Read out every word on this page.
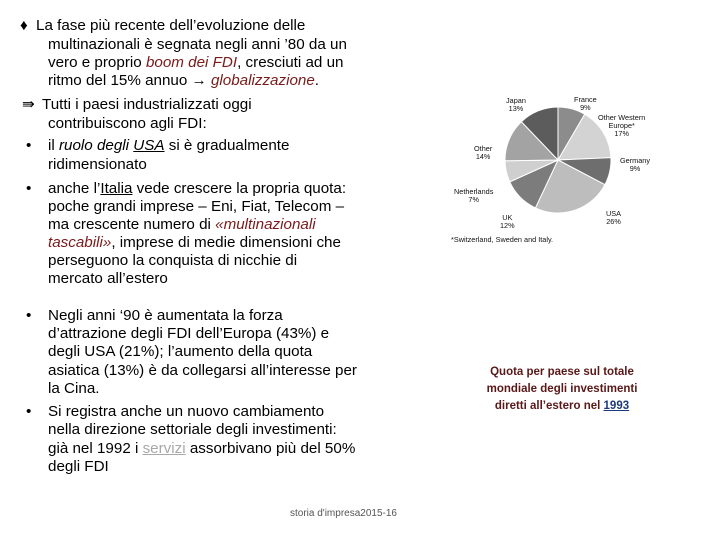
♦ La fase più recente dell’evoluzione delle
multinazionali è segnata negli anni ’80 da un
vero e proprio boom dei FDI, cresciuti ad un
ritmo del 15% annuo → globalizzazione.
⇛ Tutti i paesi industrializzati oggi
contribuiscono agli FDI:
• il ruolo degli USA si è gradualmente
ridimensionato
• anche l’Italia vede crescere la propria quota:
poche grandi imprese – Eni, Fiat, Telecom –
ma crescente numero di «multinazionali
tascabili», imprese di medie dimensioni che
perseguono la conquista di nicchie di
mercato all’estero
• Negli anni ‘90 è aumentata la forza
d’attrazione degli FDI dell’Europa (43%) e
degli USA (21%); l’aumento della quota
asiatica (13%) è da collegarsi all’interesse per
la Cina.
• Si registra anche un nuovo cambiamento
nella direzione settoriale degli investimenti:
già nel 1992 i servizi assorbivano più del 50%
degli FDI
Japan
13%
France
9%
Other Western
Europe*
17%
Germany
9%
USA
26%
UK
12%
Netherlands
7%
Other
14%
*Switzerland, Sweden and Italy.
Quota per paese sul totale
mondiale degli investimenti
diretti all’estero nel 1993
storia d'impresa2015-16
